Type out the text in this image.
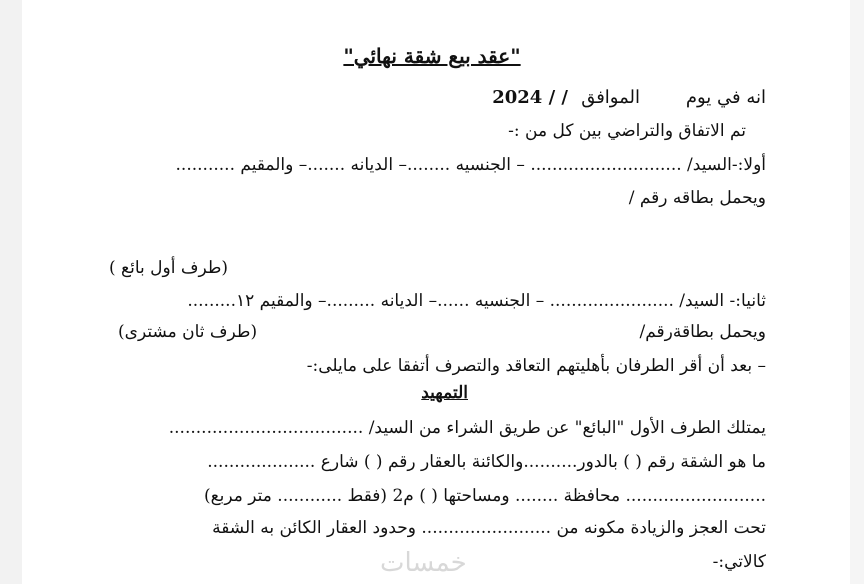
"عقد بيع شقة نهائي"
انه في يوم
الموافق
2024 / /
تم الاتفاق والتراضي بين كل من :-
أولا:-السيد/ ............................ – الجنسيه ........– الديانه .......– والمقيم ...........
ويحمل بطاقه رقم /
(طرف أول بائع )
ثانيا:- السيد/ ....................... – الجنسيه ......– الديانه .........– والمقيم ١٢.........
ويحمل بطاقةرقم/
(طرف ثان مشترى)
– بعد أن أقر الطرفان بأهليتهم التعاقد والتصرف أتفقا على مايلى:-
التمهيد
يمتلك الطرف الأول "البائع" عن طريق الشراء من السيد/ ....................................
ما هو الشقة رقم ( ) بالدور..........والكائنة بالعقار رقم ( ) شارع ....................
.......................... محافظة ........ ومساحتها ( ) م2 (فقط ............ متر مربع)
تحت العجز والزيادة مكونه من ........................ وحدود العقار الكائن به الشقة
كالاتي:-
خمسات
